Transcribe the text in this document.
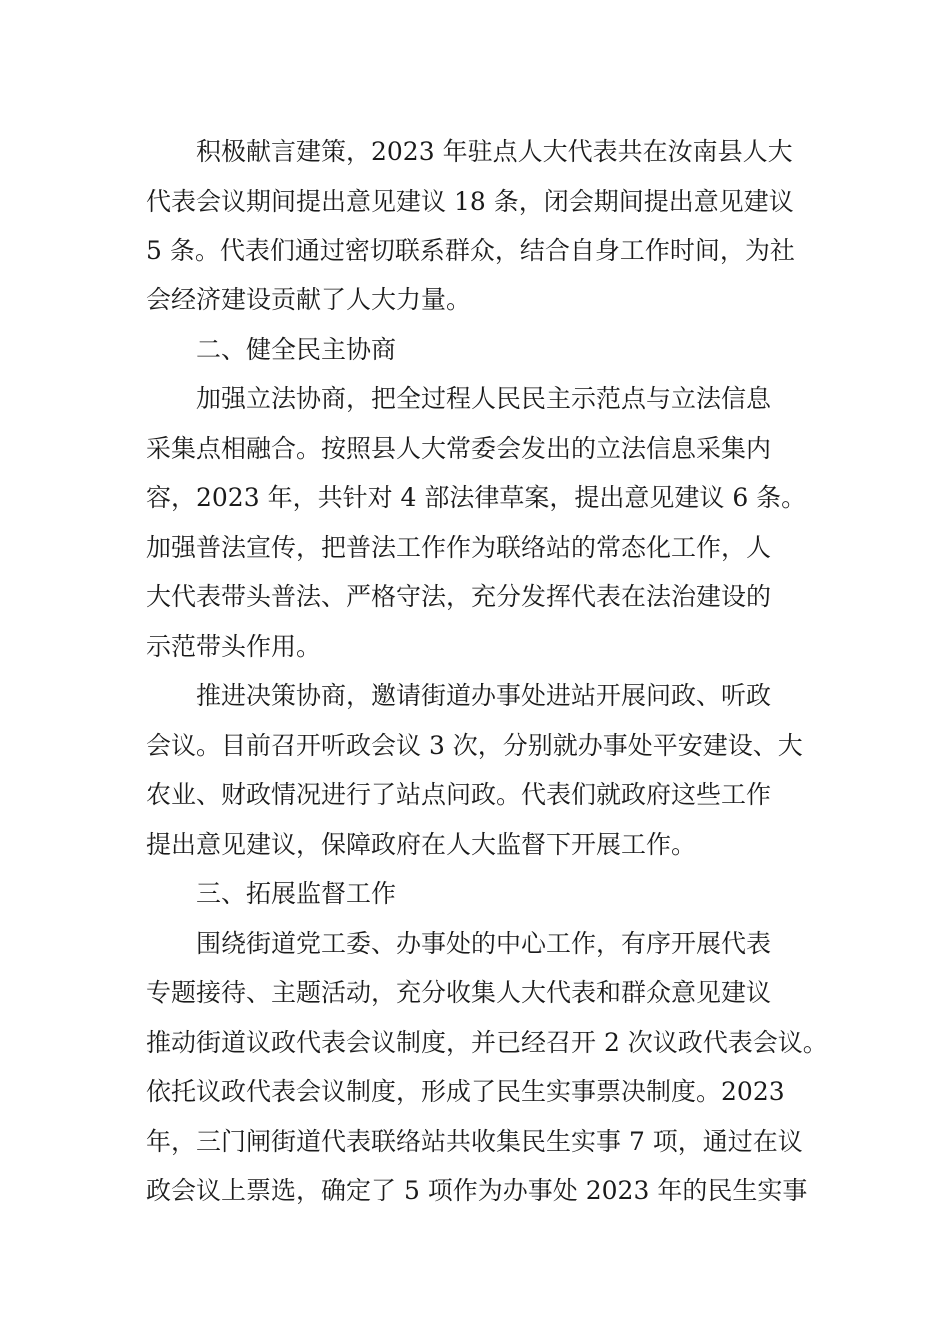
积极献言建策，2023 年驻点人大代表共在汝南县人大
代表会议期间提出意见建议 18 条，闭会期间提出意见建议
5 条。代表们通过密切联系群众，结合自身工作时间，为社
会经济建设贡献了人大力量。
二、健全民主协商
加强立法协商，把全过程人民民主示范点与立法信息
采集点相融合。按照县人大常委会发出的立法信息采集内
容，2023 年，共针对 4 部法律草案，提出意见建议 6 条。
加强普法宣传，把普法工作作为联络站的常态化工作，人
大代表带头普法、严格守法，充分发挥代表在法治建设的
示范带头作用。
推进决策协商，邀请街道办事处进站开展问政、听政
会议。目前召开听政会议 3 次，分别就办事处平安建设、大
农业、财政情况进行了站点问政。代表们就政府这些工作
提出意见建议，保障政府在人大监督下开展工作。
三、拓展监督工作
围绕街道党工委、办事处的中心工作，有序开展代表
专题接待、主题活动，充分收集人大代表和群众意见建议
推动街道议政代表会议制度，并已经召开 2 次议政代表会议。
依托议政代表会议制度，形成了民生实事票决制度。2023
年，三门闸街道代表联络站共收集民生实事 7 项，通过在议
政会议上票选，确定了 5 项作为办事处 2023 年的民生实事
